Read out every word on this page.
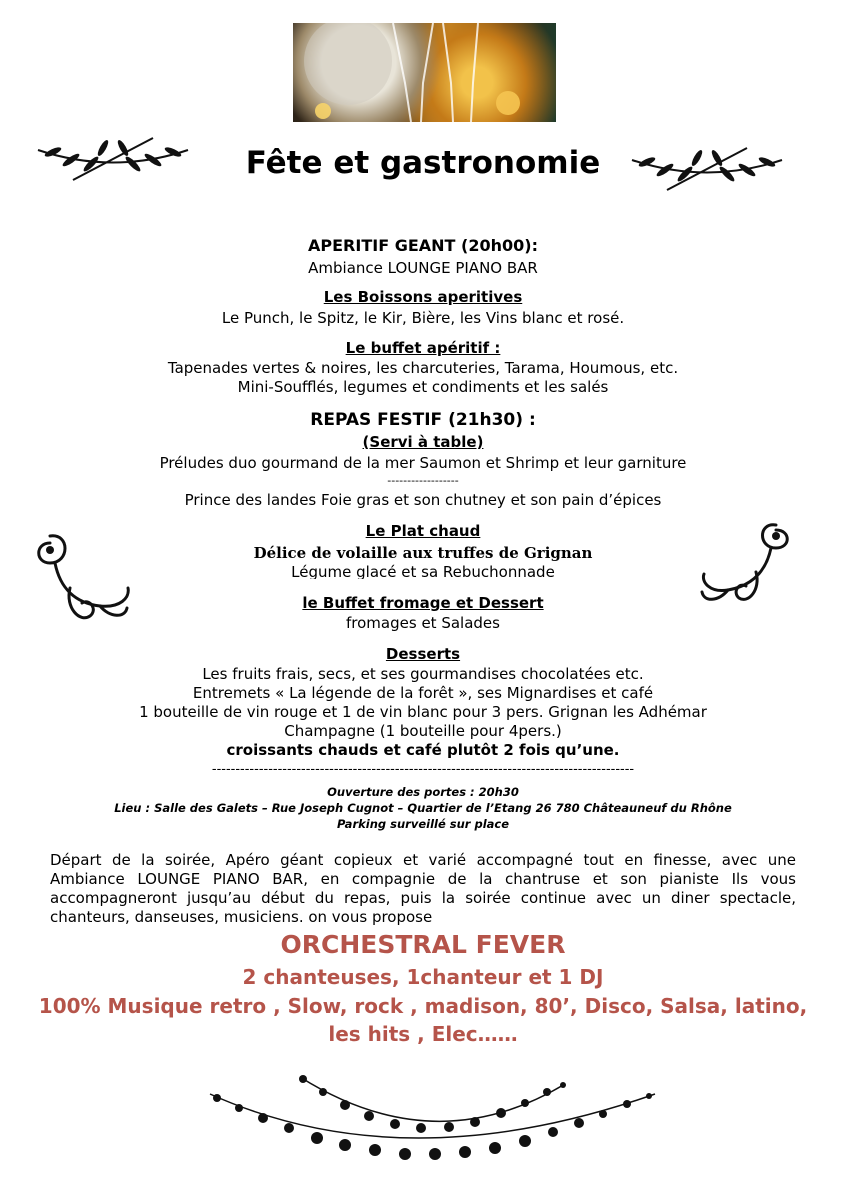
Fête et gastronomie
APERITIF GEANT (20h00):
Ambiance LOUNGE PIANO BAR
Les Boissons aperitives
Le Punch, le Spitz, le Kir, Bière, les Vins blanc et rosé.
Le buffet apéritif :
Tapenades vertes & noires, les charcuteries, Tarama, Houmous, etc.
Mini-Soufflés, legumes et condiments et les salés
REPAS FESTIF (21h30) :
(Servi à table)
Préludes duo gourmand de la mer Saumon et Shrimp et leur garniture
------------------
Prince des landes Foie gras et son chutney et son pain d’épices
Le Plat chaud
Délice de volaille aux truffes de Grignan
Légume glacé et sa Rebuchonnade
le Buffet fromage et Dessert
fromages et Salades
Desserts
Les fruits frais, secs, et ses gourmandises chocolatées etc.
Entremets « La légende de la forêt », ses Mignardises et café
1 bouteille de vin rouge et 1 de vin blanc pour 3 pers. Grignan les Adhémar
Champagne (1 bouteille pour 4pers.)
croissants chauds et café plutôt 2 fois qu’une.
------------------------------------------------------------------------------------------
Ouverture des portes : 20h30
Lieu : Salle des Galets – Rue Joseph Cugnot – Quartier de l’Etang 26 780 Châteauneuf du Rhône
Parking surveillé sur place
Départ de la soirée, Apéro géant copieux et varié accompagné tout en finesse, avec une Ambiance LOUNGE PIANO BAR, en compagnie de la chantruse et son pianiste Ils vous accompagneront jusqu’au début du repas, puis la soirée continue avec un diner spectacle, chanteurs, danseuses, musiciens. on vous propose
ORCHESTRAL FEVER
2 chanteuses, 1chanteur et 1 DJ
100% Musique retro , Slow, rock , madison, 80’, Disco, Salsa, latino,
les hits , Elec……
